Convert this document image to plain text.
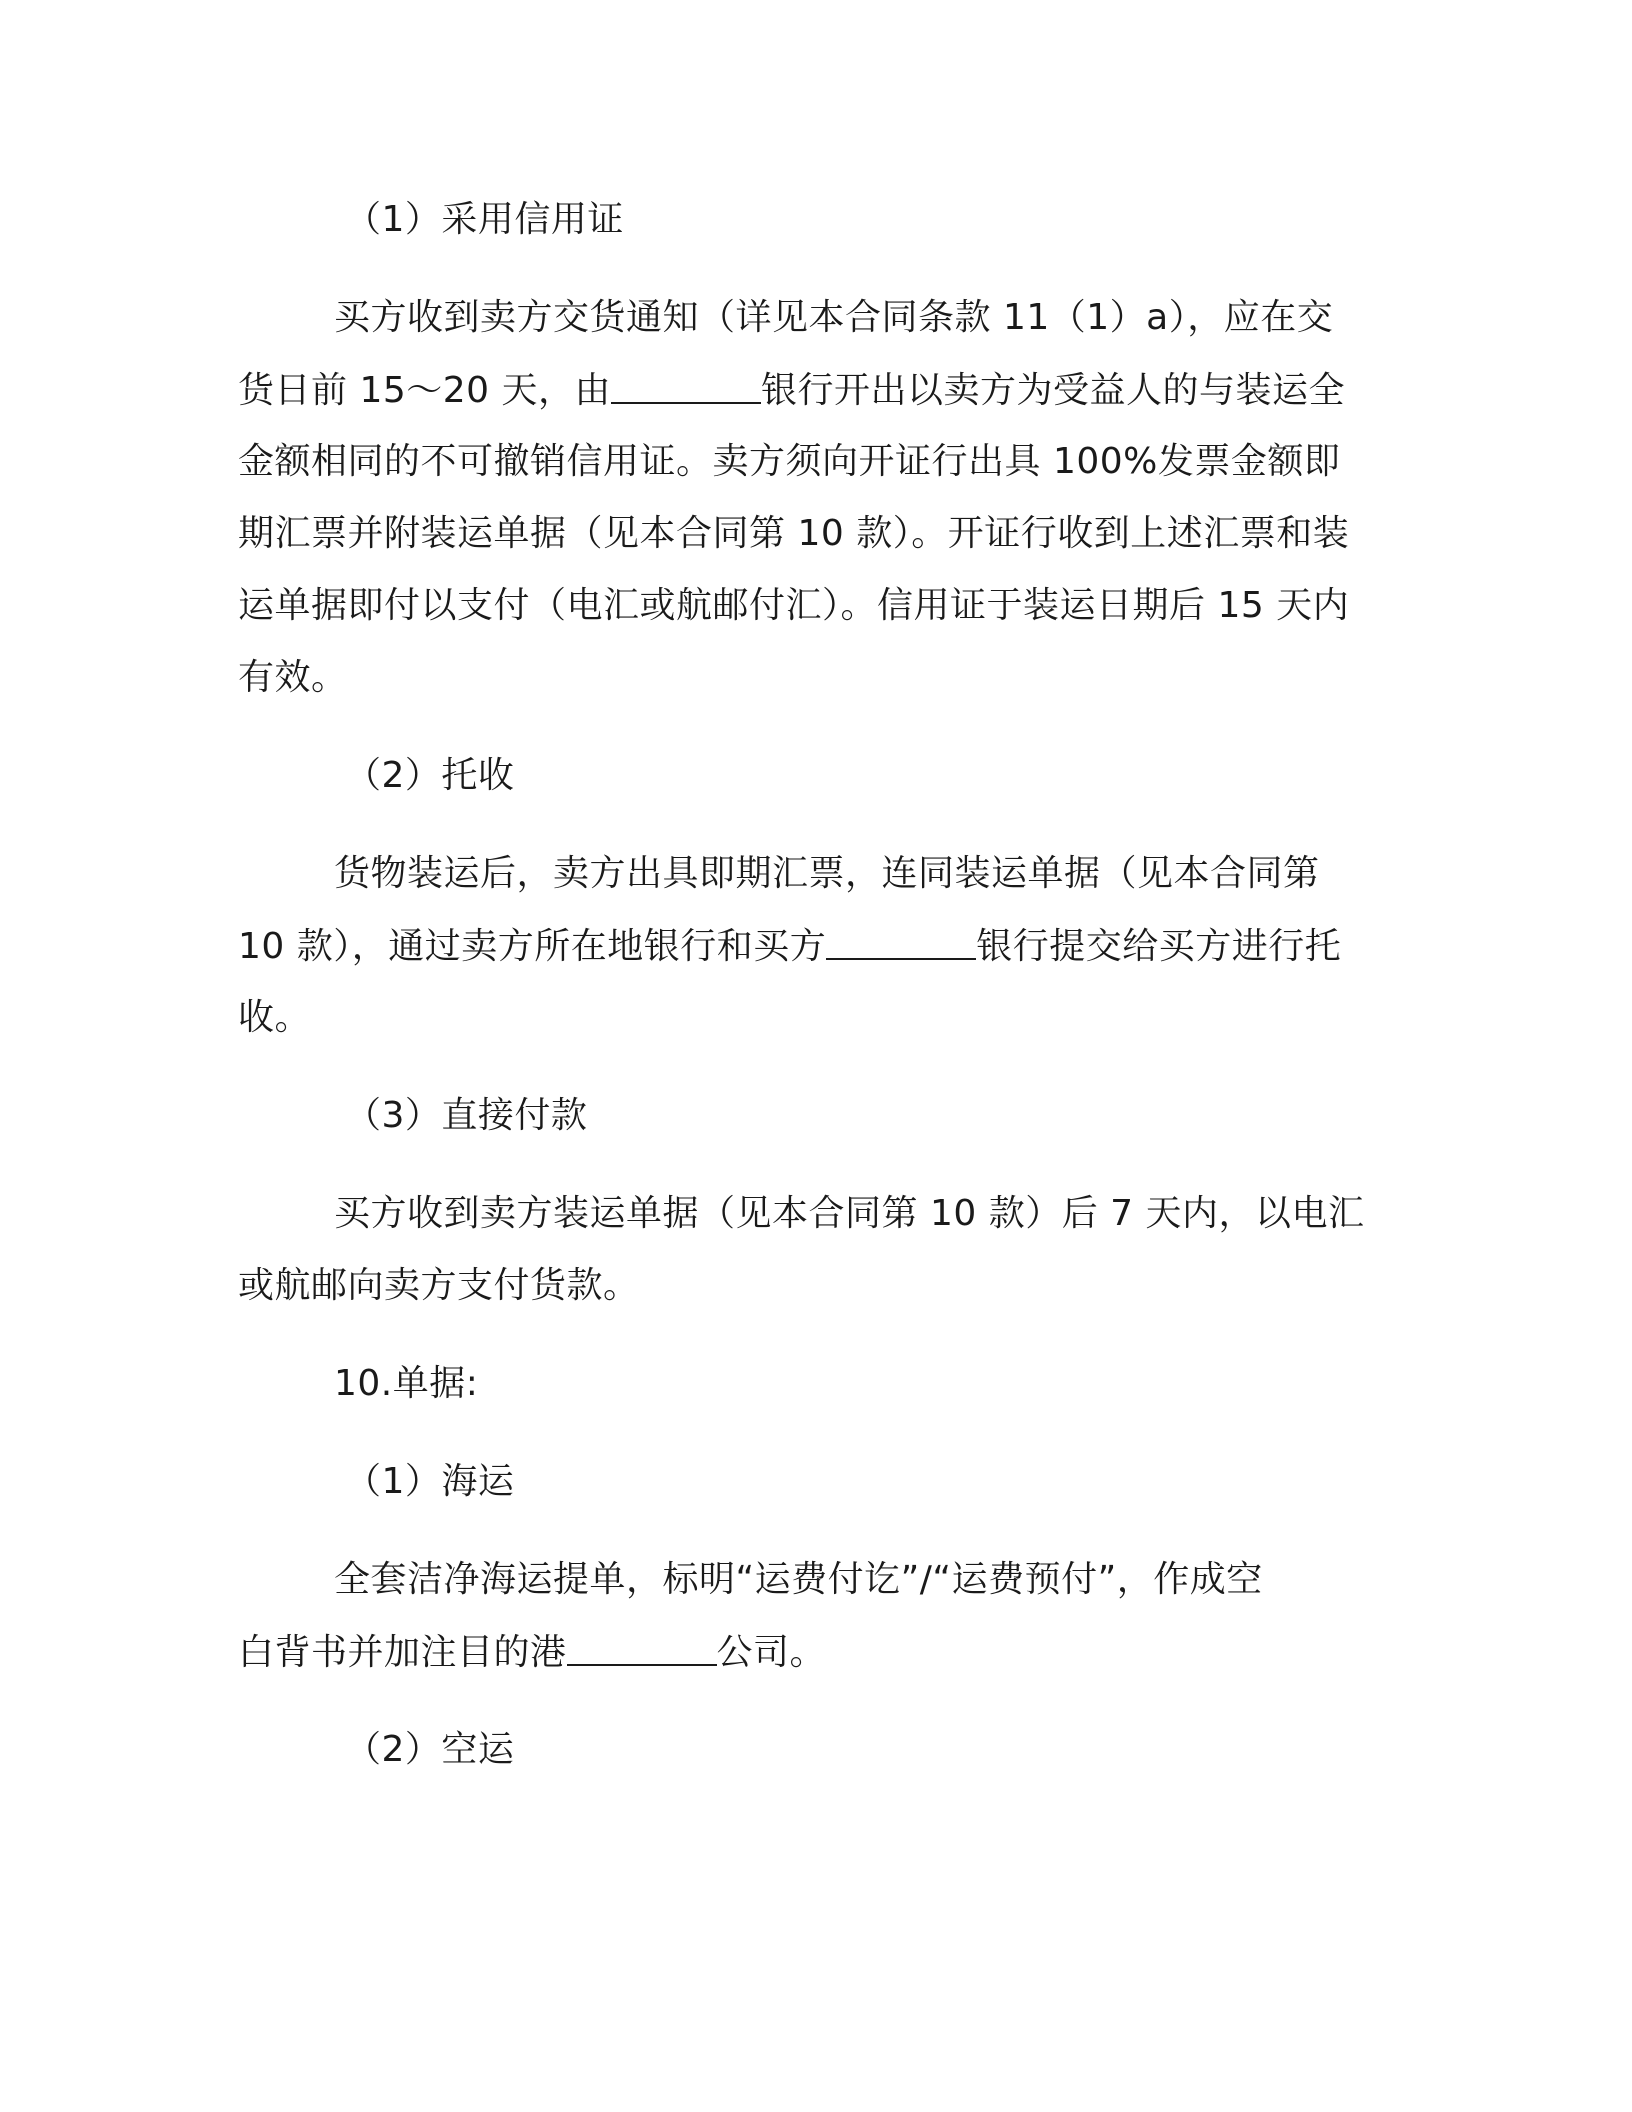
（1）采用信用证
买方收到卖方交货通知（详见本合同条款 11（1）a），应在交
货日前 15～20 天，由	银行开出以卖方为受益人的与装运全
金额相同的不可撤销信用证。卖方须向开证行出具 100%发票金额即
期汇票并附装运单据（见本合同第 10 款）。开证行收到上述汇票和装
运单据即付以支付（电汇或航邮付汇）。信用证于装运日期后 15 天内
有效。
（2）托收
货物装运后，卖方出具即期汇票，连同装运单据（见本合同第
10 款），通过卖方所在地银行和买方	银行提交给买方进行托
收。
（3）直接付款
买方收到卖方装运单据（见本合同第 10 款）后 7 天内，以电汇
或航邮向卖方支付货款。
10.单据:
（1）海运
全套洁净海运提单，标明“运费付讫”/“运费预付”，作成空
白背书并加注目的港	公司。
（2）空运
